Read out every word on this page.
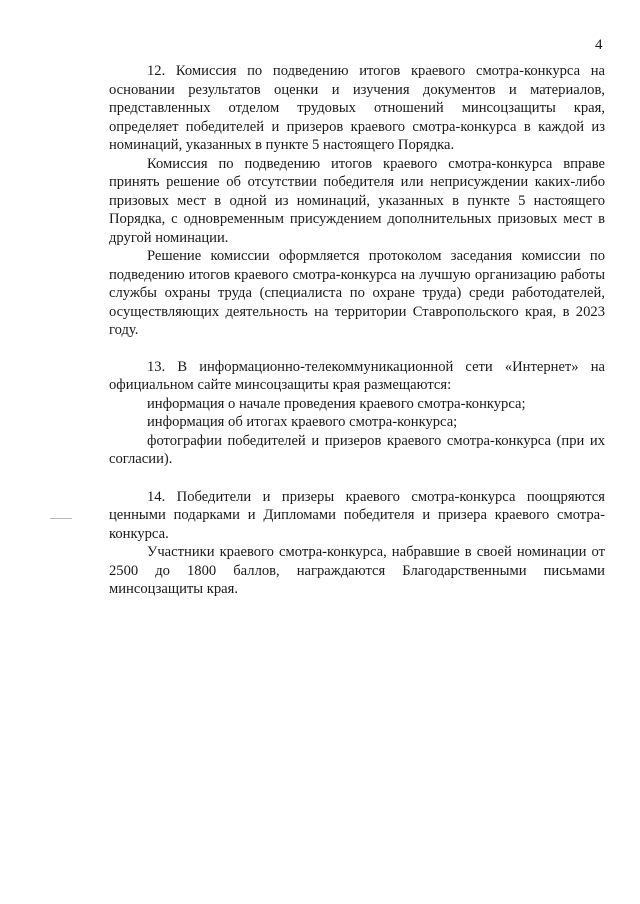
4

12. Комиссия по подведению итогов краевого смотра-конкурса на основании результатов оценки и изучения документов и материалов, представленных отделом трудовых отношений минсоцзащиты края, определяет победителей и призеров краевого смотра-конкурса в каждой из номинаций, указанных в пункте 5 настоящего Порядка.

Комиссия по подведению итогов краевого смотра-конкурса вправе принять решение об отсутствии победителя или неприсуждении каких-либо призовых мест в одной из номинаций, указанных в пункте 5 настоящего Порядка, с одновременным присуждением дополнительных призовых мест в другой номинации.

Решение комиссии оформляется протоколом заседания комиссии по подведению итогов краевого смотра-конкурса на лучшую организацию работы службы охраны труда (специалиста по охране труда) среди работодателей, осуществляющих деятельность на территории Ставропольского края, в 2023 году.

13. В информационно-телекоммуникационной сети «Интернет» на официальном сайте минсоцзащиты края размещаются:

информация о начале проведения краевого смотра-конкурса;

информация об итогах краевого смотра-конкурса;

фотографии победителей и призеров краевого смотра-конкурса (при их согласии).

14. Победители и призеры краевого смотра-конкурса поощряются ценными подарками и Дипломами победителя и призера краевого смотра-конкурса.

Участники краевого смотра-конкурса, набравшие в своей номинации от 2500 до 1800 баллов, награждаются Благодарственными письмами минсоцзащиты края.
